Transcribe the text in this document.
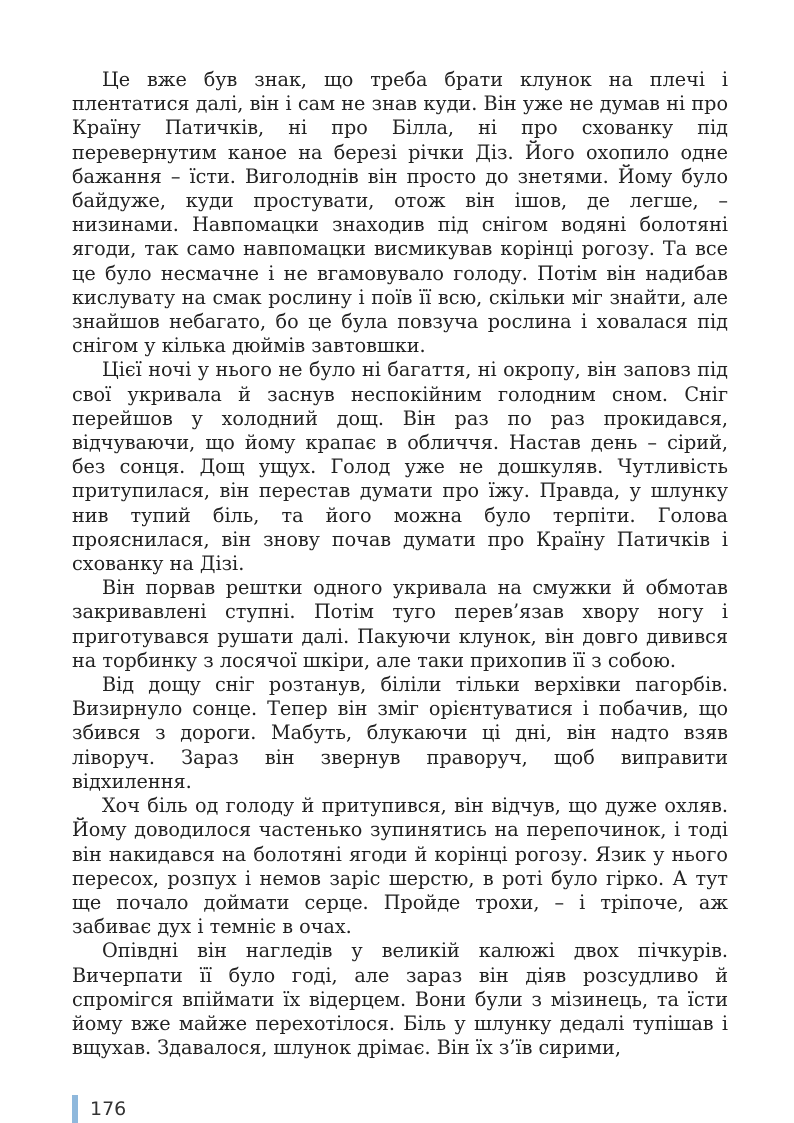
Це вже був знак, що треба брати клунок на плечі і плентатися далі, він і сам не знав куди. Він уже не думав ні про Країну Патичків, ні про Білла, ні про схованку під перевернутим каное на березі річки Діз. Його охопило одне бажання – їсти. Виголоднів він просто до знетями. Йому було байдуже, куди простувати, отож він ішов, де легше, – низинами. Навпомацки знаходив під снігом водяні болотяні ягоди, так само навпомацки висмикував корінці рогозу. Та все це було несмачне і не вгамовувало голоду. Потім він надибав кислувату на смак рослину і поїв її всю, скільки міг знайти, але знайшов небагато, бо це була повзуча рослина і ховалася під снігом у кілька дюймів завтовшки.

Цієї ночі у нього не було ні багаття, ні окропу, він заповз під свої укривала й заснув неспокійним голодним сном. Сніг перейшов у холодний дощ. Він раз по раз прокидався, відчуваючи, що йому крапає в обличчя. Настав день – сірий, без сонця. Дощ ущух. Голод уже не дошкуляв. Чутливість притупилася, він перестав думати про їжу. Правда, у шлунку нив тупий біль, та його можна було терпіти. Голова прояснилася, він знову почав думати про Країну Патичків і схованку на Дізі.

Він порвав рештки одного укривала на смужки й обмотав закривавлені ступні. Потім туго перев’язав хвору ногу і приготувався рушати далі. Пакуючи клунок, він довго дивився на торбинку з лосячої шкіри, але таки прихопив її з собою.

Від дощу сніг розтанув, біліли тільки верхівки пагорбів. Визирнуло сонце. Тепер він зміг орієнтуватися і побачив, що збився з дороги. Мабуть, блукаючи ці дні, він надто взяв ліворуч. Зараз він звернув праворуч, щоб виправити відхилення.

Хоч біль од голоду й притупився, він відчув, що дуже охляв. Йому доводилося частенько зупинятись на перепочинок, і тоді він накидався на болотяні ягоди й корінці рогозу. Язик у нього пересох, розпух і немов заріс шерстю, в роті було гірко. А тут ще почало доймати серце. Пройде трохи, – і тріпоче, аж забиває дух і темніє в очах.

Опівдні він нагледів у великій калюжі двох пічкурів. Вичерпати її було годі, але зараз він діяв розсудливо й спромігся впіймати їх відерцем. Вони були з мізинець, та їсти йому вже майже перехотілося. Біль у шлунку дедалі тупішав і вщухав. Здавалося, шлунок дрімає. Він їх з’їв сирими,

176
